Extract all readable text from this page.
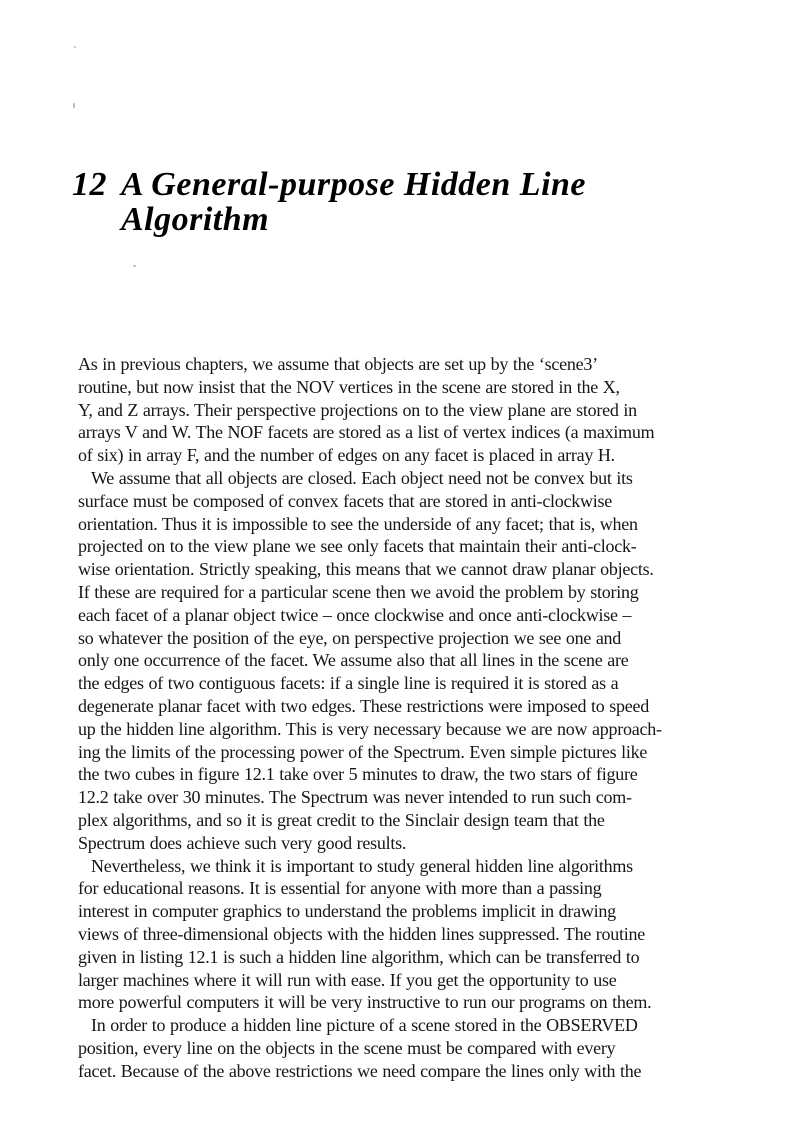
12 A General-purpose Hidden Line
Algorithm
As in previous chapters, we assume that objects are set up by the ‘scene3’
routine, but now insist that the NOV vertices in the scene are stored in the X,
Y, and Z arrays. Their perspective projections on to the view plane are stored in
arrays V and W. The NOF facets are stored as a list of vertex indices (a maximum
of six) in array F, and the number of edges on any facet is placed in array H.
We assume that all objects are closed. Each object need not be convex but its
surface must be composed of convex facets that are stored in anti-clockwise
orientation. Thus it is impossible to see the underside of any facet; that is, when
projected on to the view plane we see only facets that maintain their anti-clock-
wise orientation. Strictly speaking, this means that we cannot draw planar objects.
If these are required for a particular scene then we avoid the problem by storing
each facet of a planar object twice – once clockwise and once anti-clockwise –
so whatever the position of the eye, on perspective projection we see one and
only one occurrence of the facet. We assume also that all lines in the scene are
the edges of two contiguous facets: if a single line is required it is stored as a
degenerate planar facet with two edges. These restrictions were imposed to speed
up the hidden line algorithm. This is very necessary because we are now approach-
ing the limits of the processing power of the Spectrum. Even simple pictures like
the two cubes in figure 12.1 take over 5 minutes to draw, the two stars of figure
12.2 take over 30 minutes. The Spectrum was never intended to run such com-
plex algorithms, and so it is great credit to the Sinclair design team that the
Spectrum does achieve such very good results.
Nevertheless, we think it is important to study general hidden line algorithms
for educational reasons. It is essential for anyone with more than a passing
interest in computer graphics to understand the problems implicit in drawing
views of three-dimensional objects with the hidden lines suppressed. The routine
given in listing 12.1 is such a hidden line algorithm, which can be transferred to
larger machines where it will run with ease. If you get the opportunity to use
more powerful computers it will be very instructive to run our programs on them.
In order to produce a hidden line picture of a scene stored in the OBSERVED
position, every line on the objects in the scene must be compared with every
facet. Because of the above restrictions we need compare the lines only with the
